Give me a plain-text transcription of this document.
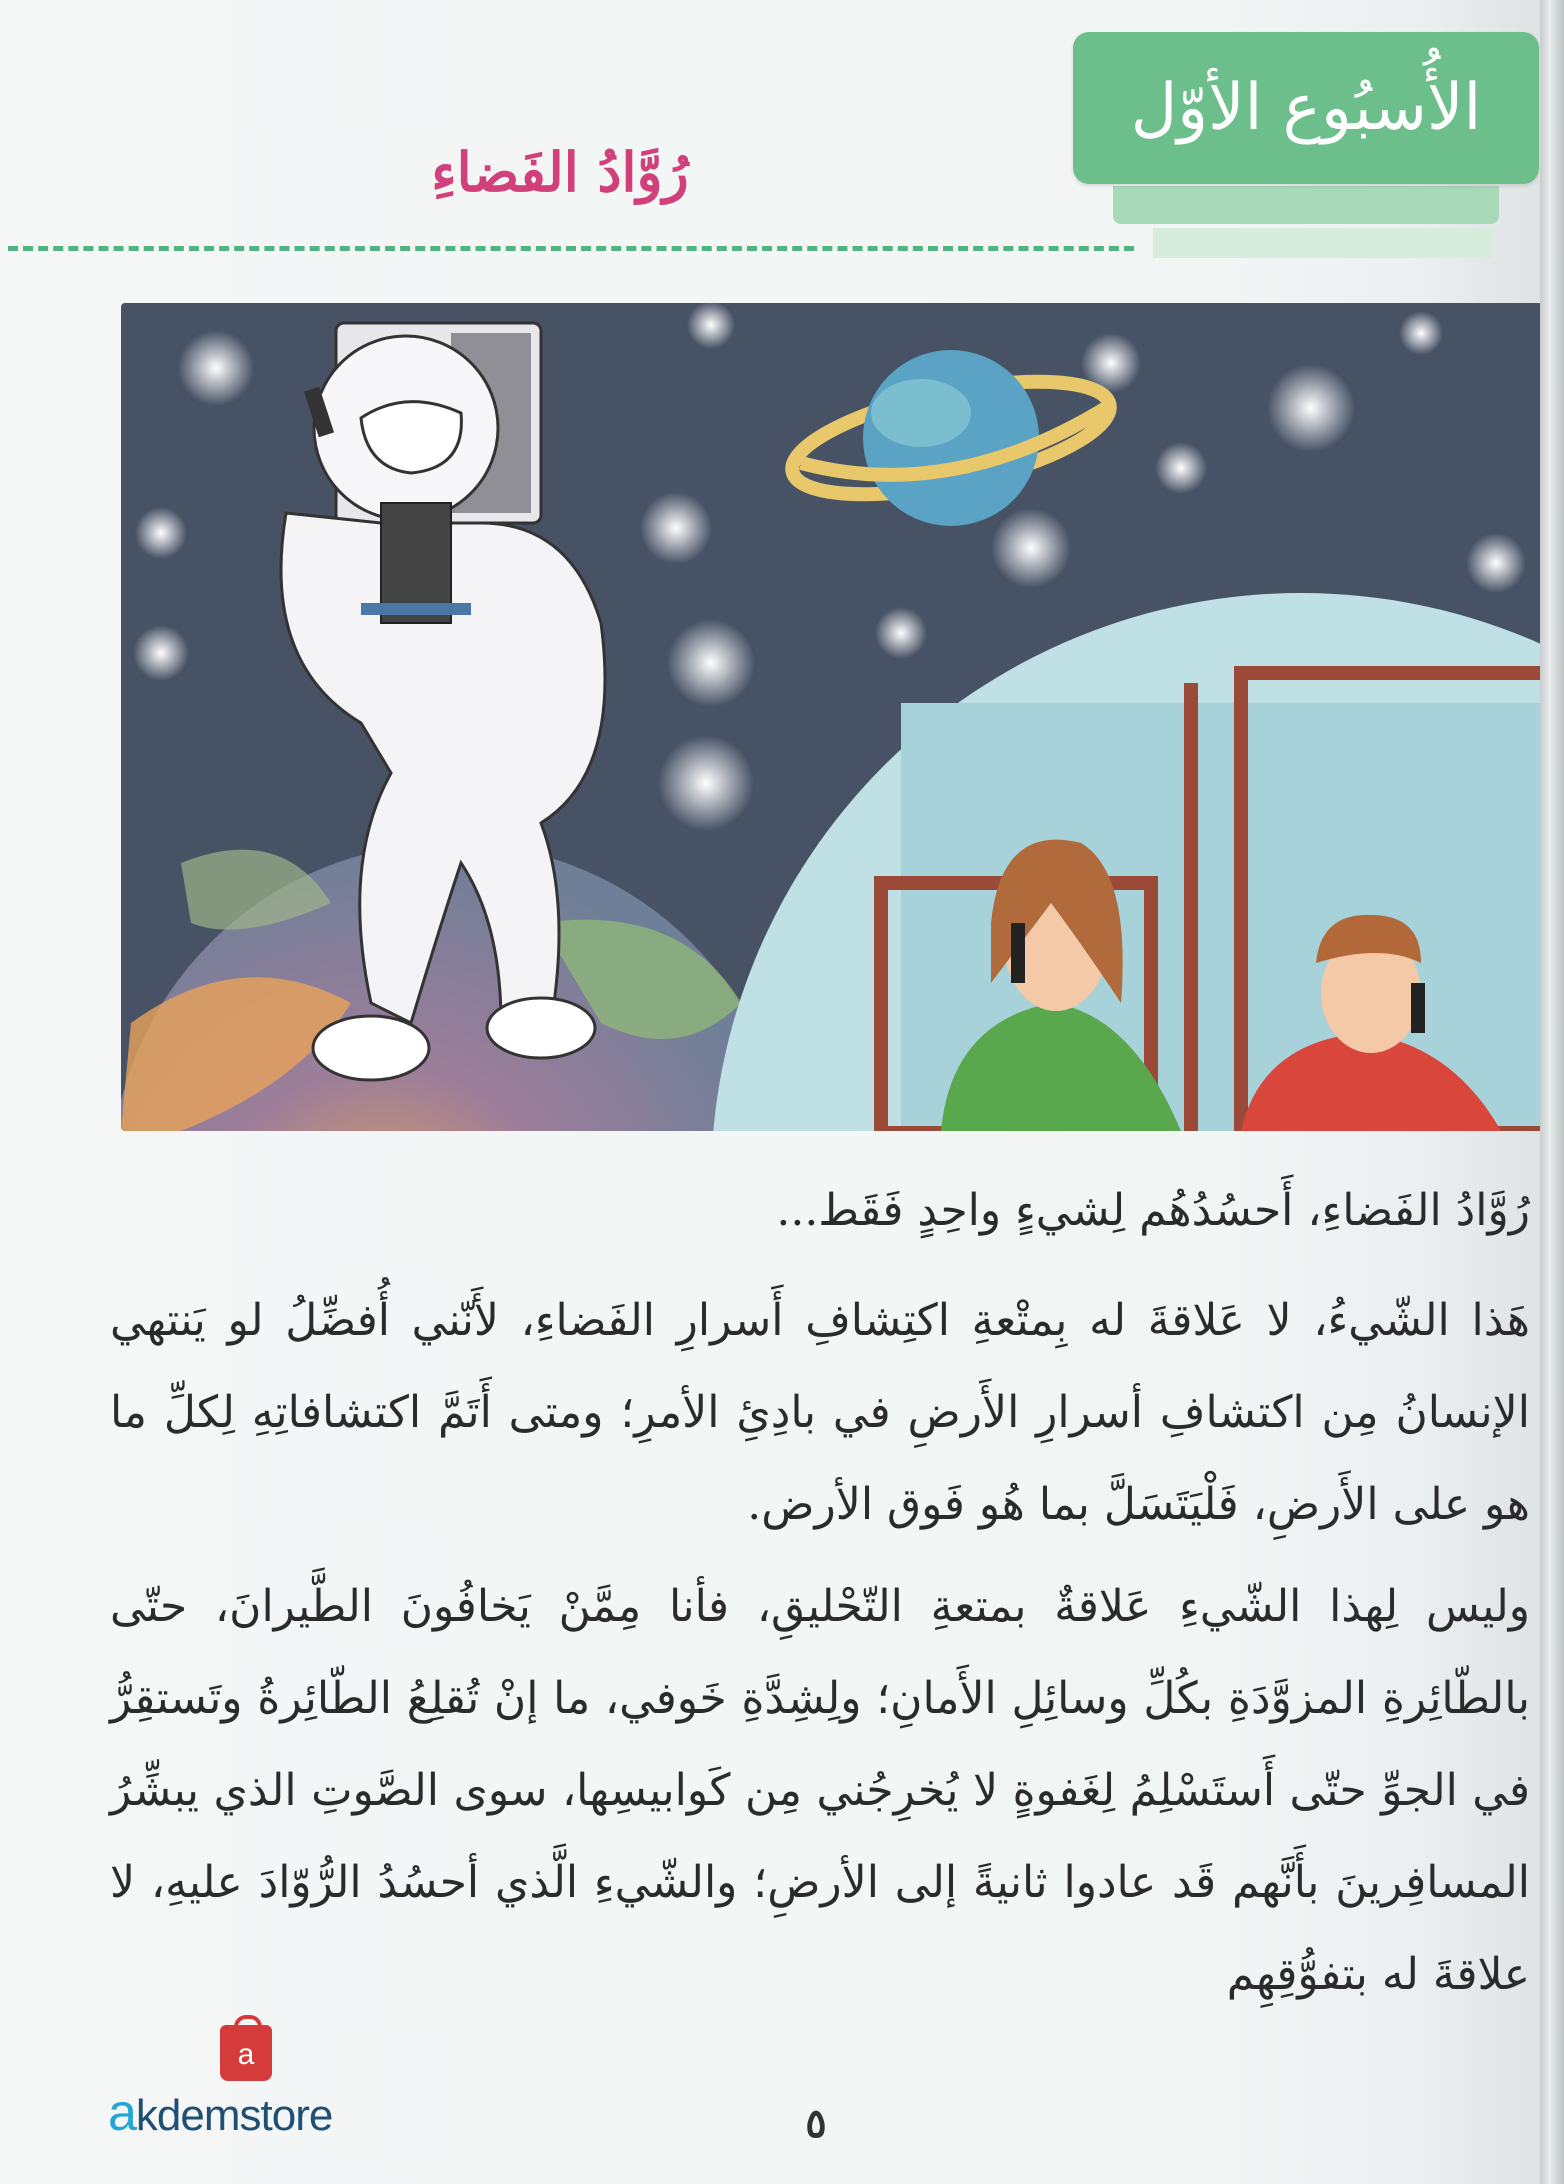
الأُسبُوع الأوّل
رُوَّادُ الفَضاءِ

رُوَّادُ الفَضاءِ، أَحسُدُهُم لِشيءٍ واحِدٍ فَقَط...

هَذا الشّيءُ، لا عَلاقةَ له بِمتْعةِ اكتِشافِ أَسرارِ الفَضاءِ، لأَنّني أُفضِّلُ لو يَنتهي الإنسانُ مِن اكتشافِ أسرارِ الأَرضِ في بادِئِ الأمرِ؛ ومتى أَتَمَّ اكتشافاتِهِ لِكلِّ ما هو على الأَرضِ، فَلْيَتَسَلَّ بما هُو فَوق الأرض.

وليس لِهذا الشّيءِ عَلاقةٌ بمتعةِ التّحْليقِ، فأنا مِمَّنْ يَخافُونَ الطَّيرانَ، حتّى بالطّائِرةِ المزوَّدَةِ بكُلِّ وسائِلِ الأَمانِ؛ ولِشِدَّةِ خَوفي، ما إنْ تُقلِعُ الطّائِرةُ وتَستقِرُّ في الجوِّ حتّى أَستَسْلِمُ لِغَفوةٍ لا يُخرِجُني مِن كَوابيسِها، سوى الصَّوتِ الذي يبشِّرُ المسافِرينَ بأَنَّهم قَد عادوا ثانيةً إلى الأرضِ؛ والشّيءِ الَّذي أحسُدُ الرُّوّادَ عليهِ، لا علاقةَ له بتفوُّقِهِم

a
akdemstore	٥
